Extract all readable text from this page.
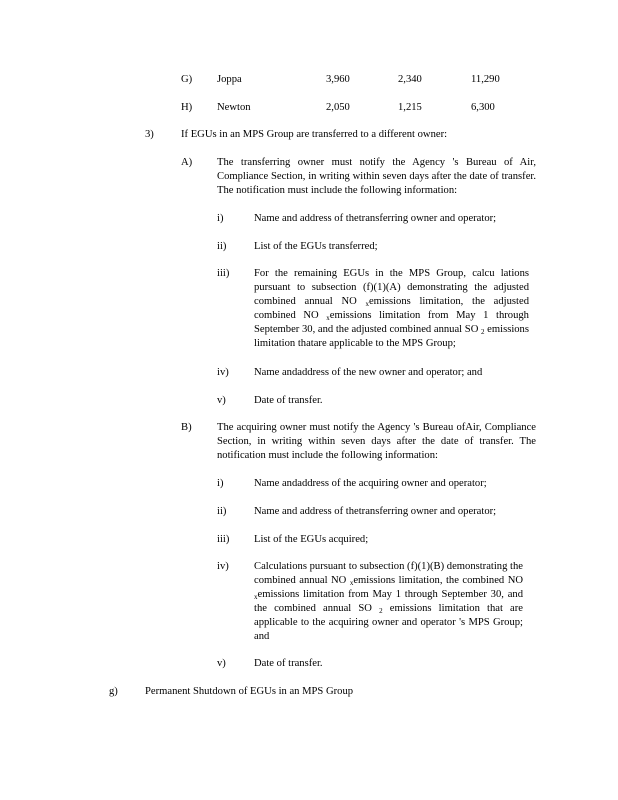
G) Joppa	3,960	2,340	11,290
H) Newton	2,050	1,215	6,300
3)	If EGUs in an MPS Group are transferred to a different owner:
A) The transferring owner must notify the Agency 's Bureau of Air, Compliance Section, in writing within seven days after the date of transfer. The notification must include the following information:
i)	Name and address of thetransferring owner and operator;
ii)	List of the EGUs transferred;
iii) For the remaining EGUs in the MPS Group, calcu lations pursuant to subsection (f)(1)(A) demonstrating the adjusted combined annual NO $_x$emissions limitation, the adjusted combined NO $_x$emissions limitation from May 1 through September 30, and the adjusted combined annual SO $_2$ emissions limitation thatare applicable to the MPS Group;
iv) Name andaddress of the new owner and operator; and
v)	Date of transfer.
B) The acquiring owner must notify the Agency 's Bureau ofAir, Compliance Section, in writing within seven days after the date of transfer. The notification must include the following information:
i)	Name andaddress of the acquiring owner and operator;
ii)	Name and address of thetransferring owner and operator;
iii) List of the EGUs acquired;
iv) Calculations pursuant to subsection (f)(1)(B) demonstrating the combined annual NO $_x$emissions limitation, the combined NO $_x$emissions limitation from May 1 through September 30, and the combined annual SO $_2$ emissions limitation that are applicable to the acquiring owner and operator 's MPS Group; and
v)	Date of transfer.
g)	Permanent Shutdown of EGUs in an MPS Group
